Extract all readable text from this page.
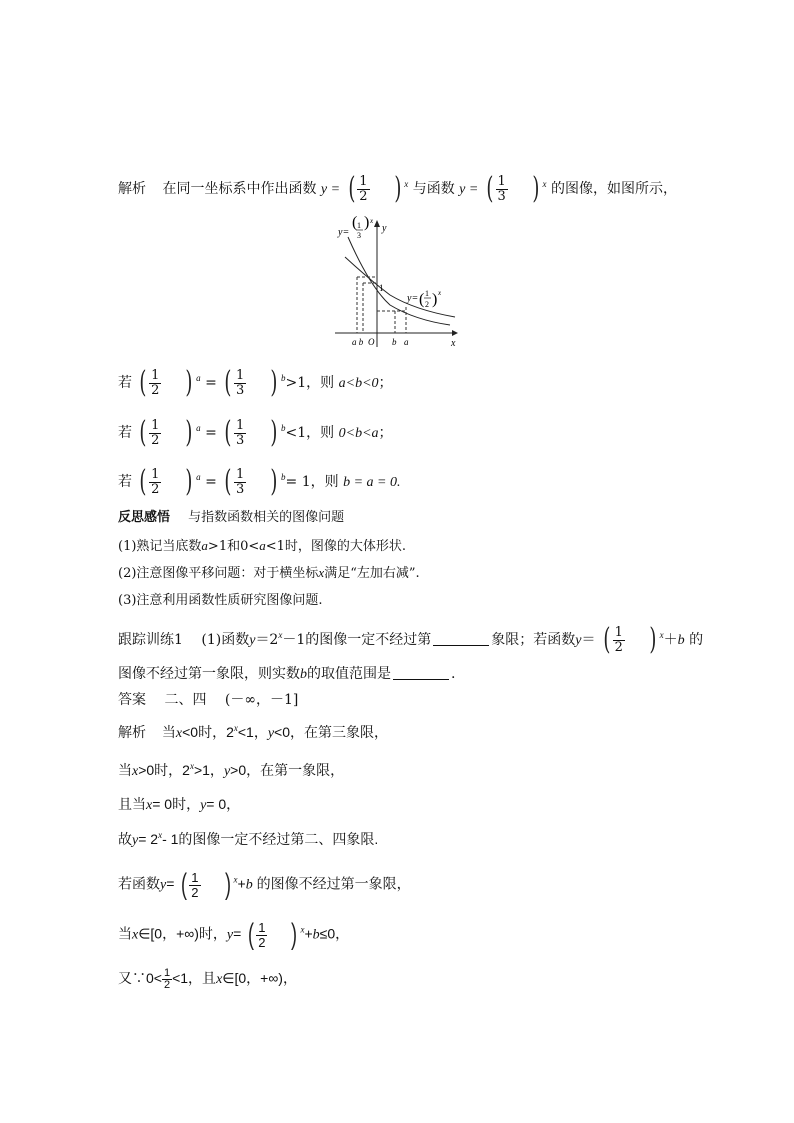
解析 在同一坐标系中作出函数 y = ( $\frac{1}{2}$ ) $^x$ 与函数 y = ( $\frac{1}{3}$ ) $^x$ 的图像，如图所示，
y=
( 1
3
) x
y
1
y= ( 1
2 ) x
a b O b a	x
若 ( $\frac{1}{2}$ ) $^a$ = ( $\frac{1}{3}$ ) $^b$>1，则 a<b<0；
若 ( $\frac{1}{2}$ ) $^a$ = ( $\frac{1}{3}$ ) $^b$<1，则 0<b<a；
若 ( $\frac{1}{2}$ ) $^a$ = ( $\frac{1}{3}$ ) $^b$= 1，则 b = a = 0.
反思感悟 与指数函数相关的图像问题
(1)熟记当底数a>1和0<a<1时，图像的大体形状.
(2)注意图像平移问题：对于横坐标x满足“左加右减”.
(3)注意利用函数性质研究图像问题.
跟踪训练1 (1)函数$y=2^x-1$的图像一定不经过第	象限；若函数y＝ ( $\frac{1}{2}$ ) $^x$＋b 的
图像不经过第一象限，则实数b的取值范围是	.
答案 二、四 (－∞，－1]
解析 当x<0时，$2^x<1$，y<0，在第三象限，
当x>0时，$2^x>1$，y>0，在第一象限，
且当x= 0时，y= 0，
故$y= 2^x-$ 1的图像一定不经过第二、四象限.
若函数y= ( $\frac{1}{2}$ ) $^x$+b 的图像不经过第一象限，
当x∈[0，+∞)时，y= ( $\frac{1}{2}$ ) $^x$+b≤0，
又∵0< $\frac{1}{2} <1$，且x∈[0，+∞)，
